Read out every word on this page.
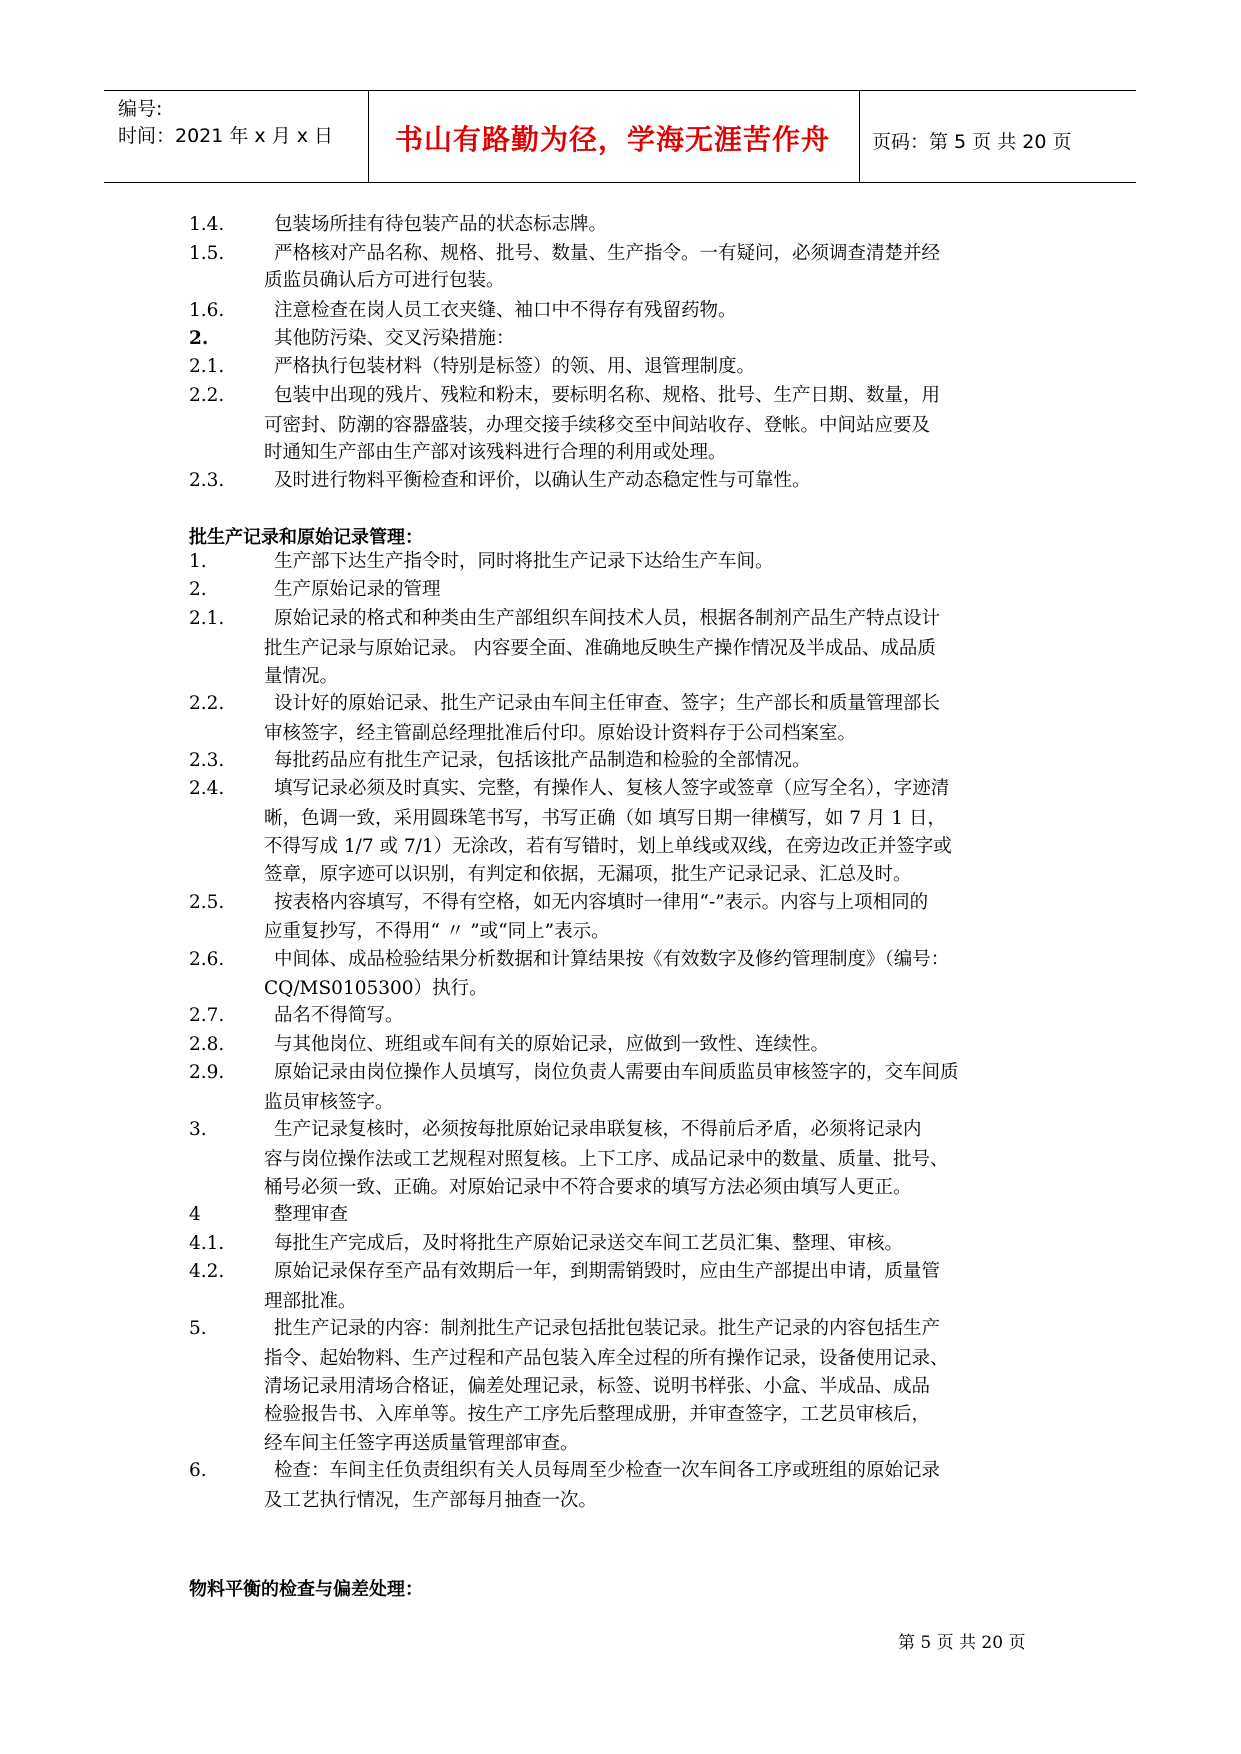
编号:
时间：2021 年 x 月 x 日 书山有路勤为径，学海无涯苦作舟	页码：第 5 页 共 20 页
1.4.	包装场所挂有待包装产品的状态标志牌。
1.5.	严格核对产品名称、规格、批号、数量、生产指令。一有疑问，必须调查清楚并经
质监员确认后方可进行包装。
1.6.	注意检查在岗人员工衣夹缝、袖口中不得存有残留药物。
2.	其他防污染、交叉污染措施：
2.1.	严格执行包装材料（特别是标签）的领、用、退管理制度。
2.2.	包装中出现的残片、残粒和粉末，要标明名称、规格、批号、生产日期、数量，用
可密封、防潮的容器盛装，办理交接手续移交至中间站收存、登帐。中间站应要及
时通知生产部由生产部对该残料进行合理的利用或处理。
2.3.	及时进行物料平衡检查和评价，以确认生产动态稳定性与可靠性。
批生产记录和原始记录管理：
1.	生产部下达生产指令时，同时将批生产记录下达给生产车间。
2.	生产原始记录的管理
2.1.	原始记录的格式和种类由生产部组织车间技术人员，根据各制剂产品生产特点设计
批生产记录与原始记录。 内容要全面、准确地反映生产操作情况及半成品、成品质
量情况。
2.2.	设计好的原始记录、批生产记录由车间主任审查、签字；生产部长和质量管理部长
审核签字，经主管副总经理批准后付印。原始设计资料存于公司档案室。
2.3.	每批药品应有批生产记录，包括该批产品制造和检验的全部情况。
2.4.	填写记录必须及时真实、完整，有操作人、复核人签字或签章（应写全名），字迹清
晰，色调一致，采用圆珠笔书写，书写正确（如 填写日期一律横写，如 7 月 1 日，
不得写成 1/7 或 7/1）无涂改，若有写错时，划上单线或双线，在旁边改正并签字或
签章，原字迹可以识别，有判定和依据，无漏项，批生产记录记录、汇总及时。
2.5.	按表格内容填写，不得有空格，如无内容填时一律用“-”表示。内容与上项相同的
应重复抄写，不得用“ 〃 ”或“同上”表示。
2.6.	中间体、成品检验结果分析数据和计算结果按《有效数字及修约管理制度》（编号：
CQ/MS0105300）执行。
2.7.	品名不得简写。
2.8.	与其他岗位、班组或车间有关的原始记录，应做到一致性、连续性。
2.9.	原始记录由岗位操作人员填写，岗位负责人需要由车间质监员审核签字的，交车间质
监员审核签字。
3.	生产记录复核时，必须按每批原始记录串联复核，不得前后矛盾，必须将记录内
容与岗位操作法或工艺规程对照复核。上下工序、成品记录中的数量、质量、批号、
桶号必须一致、正确。对原始记录中不符合要求的填写方法必须由填写人更正。
4	整理审查
4.1.	每批生产完成后，及时将批生产原始记录送交车间工艺员汇集、整理、审核。
4.2.	原始记录保存至产品有效期后一年，到期需销毁时，应由生产部提出申请，质量管
理部批准。
5.	批生产记录的内容：制剂批生产记录包括批包装记录。批生产记录的内容包括生产
指令、起始物料、生产过程和产品包装入库全过程的所有操作记录，设备使用记录、
清场记录用清场合格证，偏差处理记录，标签、说明书样张、小盒、半成品、成品
检验报告书、入库单等。按生产工序先后整理成册，并审查签字，工艺员审核后，
经车间主任签字再送质量管理部审查。
6.	检查：车间主任负责组织有关人员每周至少检查一次车间各工序或班组的原始记录
及工艺执行情况，生产部每月抽查一次。
物料平衡的检查与偏差处理：
第 5 页 共 20 页
